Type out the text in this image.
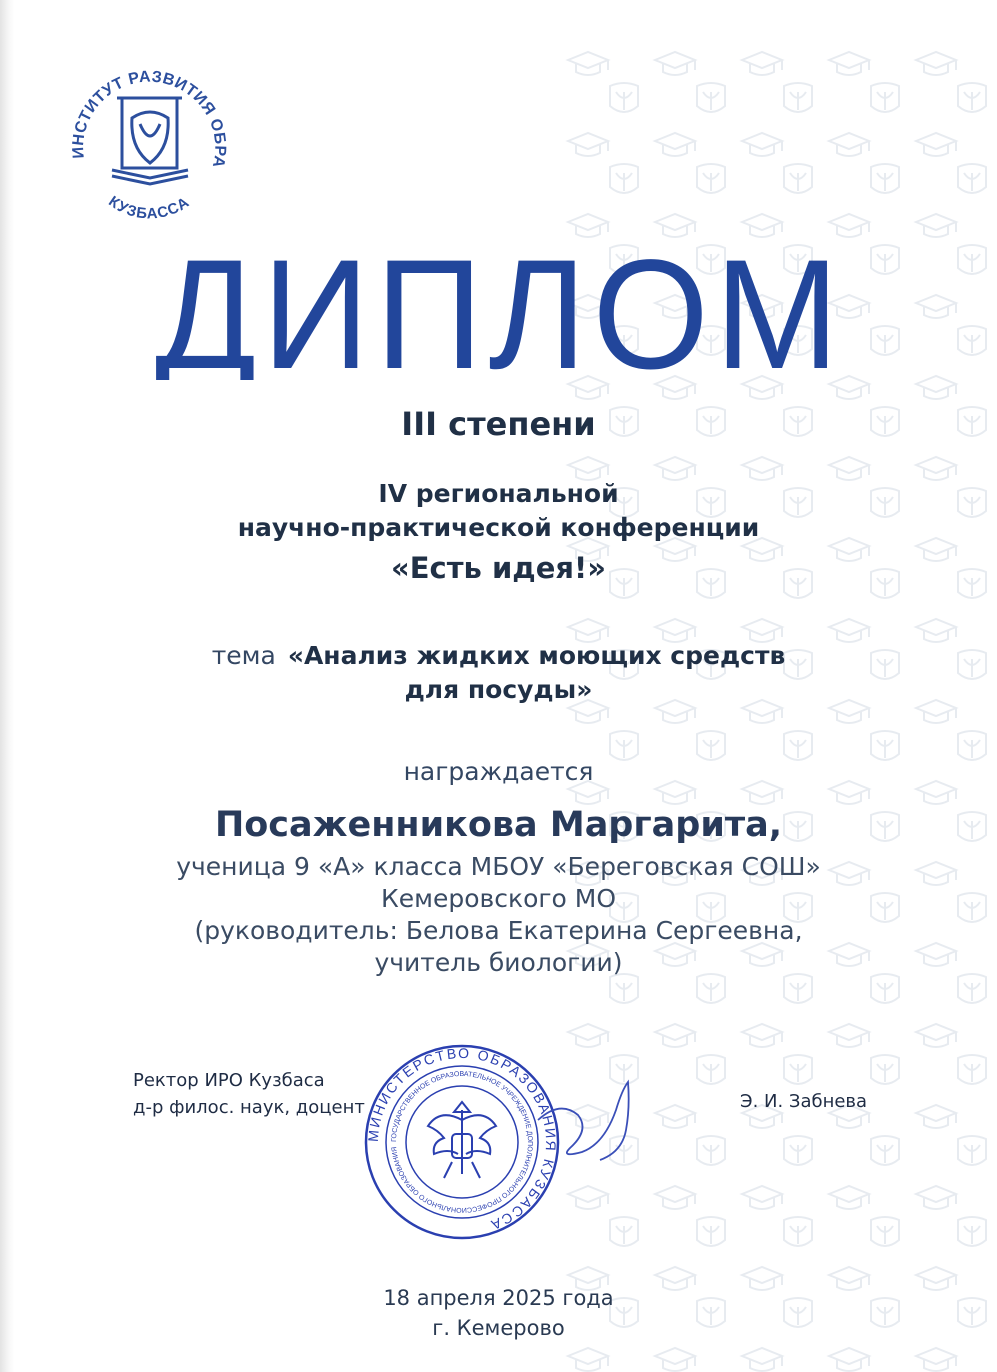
ИНСТИТУТ РАЗВИТИЯ ОБРА
КУЗБАССА
ДИПЛОМ
III степени
IV региональной
научно-практической конференции
«Есть идея!»
тема «Анализ жидких моющих средств
для посуды»
награждается
Посаженникова Маргарита,
ученица 9 «А» класса МБОУ «Береговская СОШ»
Кемеровского МО
(руководитель: Белова Екатерина Сергеевна,
учитель биологии)
Ректор ИРО Кузбаса
д-р филос. наук, доцент
МИНИСТЕРСТВО ОБРАЗОВАНИЯ КУЗБАССА
ГОСУДАРСТВЕННОЕ ОБРАЗОВАТЕЛЬНОЕ УЧРЕЖДЕНИЕ ДОПОЛНИТЕЛЬНОГО ПРОФЕССИОНАЛЬНОГО ОБРАЗОВАНИЯ
Э. И. Забнева
18 апреля 2025 года
г. Кемерово
